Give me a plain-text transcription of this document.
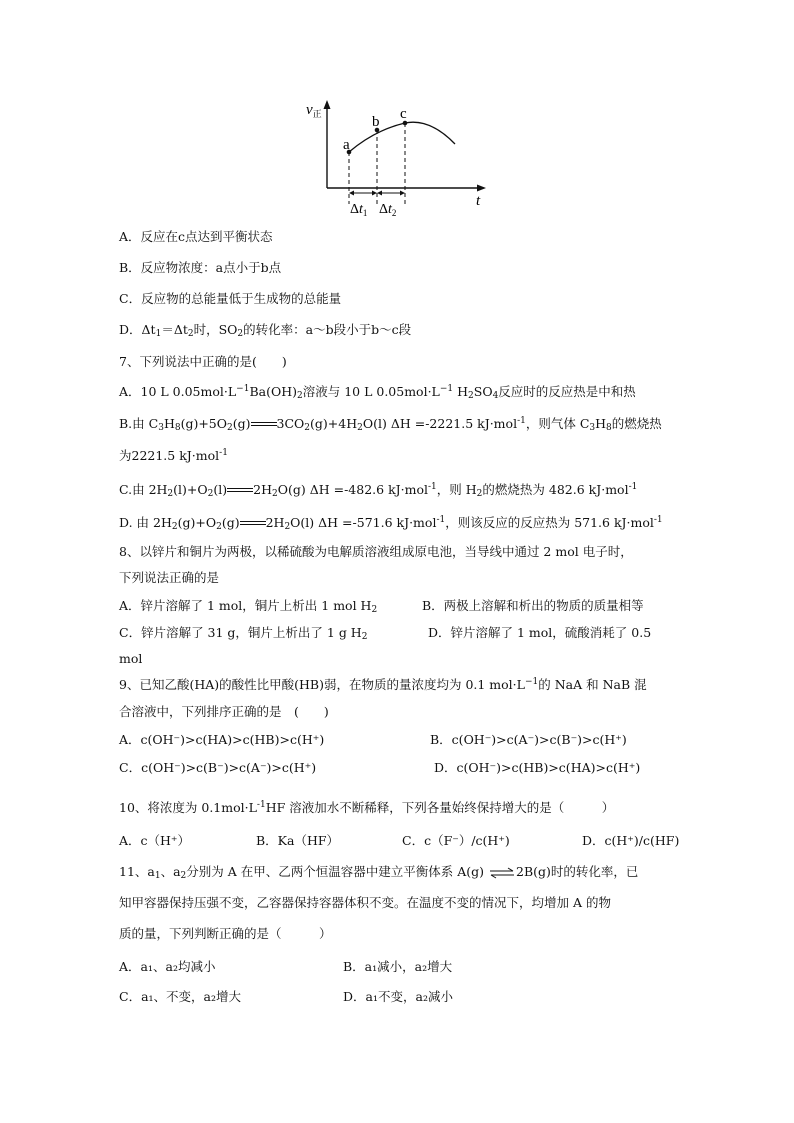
$v_正$
t
a
b c
$\Delta t_1$ $\Delta t_2$
A．反应在c点达到平衡状态
B．反应物浓度：a点小于b点
C．反应物的总能量低于生成物的总能量
D．$\Delta t_1=\Delta t_2$时，$SO_2$的转化率：a～b段小于b～c段
7、下列说法中正确的是(　　)
A．10 L $0.05mol\cdot L^{-1}Ba(OH)_2$溶液与 10 L $0.05mol\cdot L^{-1}$ $H_2SO_4$反应时的反应热是中和热
B.由 $C_3H_8(g)+5O_2(g)$ $3CO_2(g)+4H_2O(l)$ ΔH =-2221.5 kJ·mol$^{-1}$，则气体 $C_3H_8$的燃烧热
为2221.5 kJ·mol$^{-1}$
C.由 $2H_2(l)+O_2(l)$ $2H_2O(g)$ ΔH =-482.6 kJ·mol$^{-1}$，则 $H_2$的燃烧热为 482.6 kJ·mol$^{-1}$
D. 由 $2H_2(g)+O_2(g)$ $2H_2O(l)$ ΔH =-571.6 kJ·mol$^{-1}$，则该反应的反应热为 571.6 kJ·mol$^{-1}$
8、以锌片和铜片为两极，以稀硫酸为电解质溶液组成原电池，当导线中通过 2 mol 电子时，
下列说法正确的是
A．锌片溶解了 1 mol，铜片上析出 1 mol $H_2$	B．两极上溶解和析出的物质的质量相等
C．锌片溶解了 31 g，铜片上析出了 1 g $H_2$	D．锌片溶解了 1 mol，硫酸消耗了 0.5
mol
9、已知乙酸(HA)的酸性比甲酸(HB)弱，在物质的量浓度均为 0.1 $mol\cdot L^{-1}$的 NaA 和 NaB 混
合溶液中，下列排序正确的是　(　　)
A．c(OH⁻)>c(HA)>c(HB)>c(H⁺)	B．c(OH⁻)>c(A⁻)>c(B⁻)>c(H⁺)
C．c(OH⁻)>c(B⁻)>c(A⁻)>c(H⁺)	D．c(OH⁻)>c(HB)>c(HA)>c(H⁺)
10、将浓度为 $0.1mol\cdot L^{-1}HF$ 溶液加水不断稀释，下列各量始终保持增大的是（　　　）
A．c（H⁺）	B．Ka（HF）	C．c（F⁻）/c(H⁺)	D．c(H⁺)/c(HF)
11、$a_1$、$a_2$分别为 A 在甲、乙两个恒温容器中建立平衡体系 A(g) ⇌2B(g)时的转化率，已
知甲容器保持压强不变，乙容器保持容器体积不变。在温度不变的情况下，均增加 A 的物
质的量，下列判断正确的是（　　　）
A．a₁、a₂均减小	B．a₁减小，a₂增大
C．a₁、不变，a₂增大	D．a₁不变，a₂减小
